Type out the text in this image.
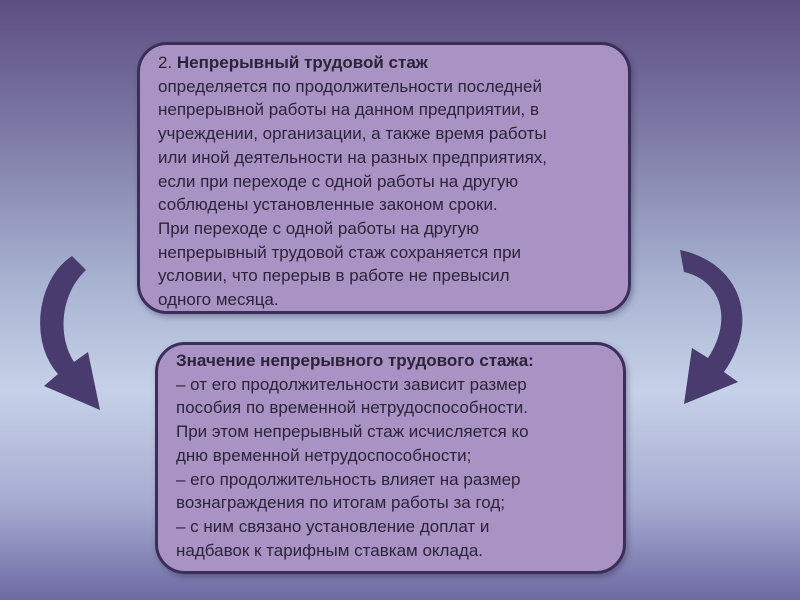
2. Непрерывный трудовой стаж
определяется по продолжительности последней
непрерывной работы на данном предприятии, в
учреждении, организации, а также время работы
или иной деятельности на разных предприятиях,
если при переходе с одной работы на другую
соблюдены установленные законом сроки.
При переходе с одной работы на другую
непрерывный трудовой стаж сохраняется при
условии, что перерыв в работе не превысил
одного месяца.
Значение непрерывного трудового стажа:
– от его продолжительности зависит размер
пособия по временной нетрудоспособности.
При этом непрерывный стаж исчисляется ко
дню временной нетрудоспособности;
– его продолжительность влияет на размер
вознаграждения по итогам работы за год;
– с ним связано установление доплат и
надбавок к тарифным ставкам оклада.
